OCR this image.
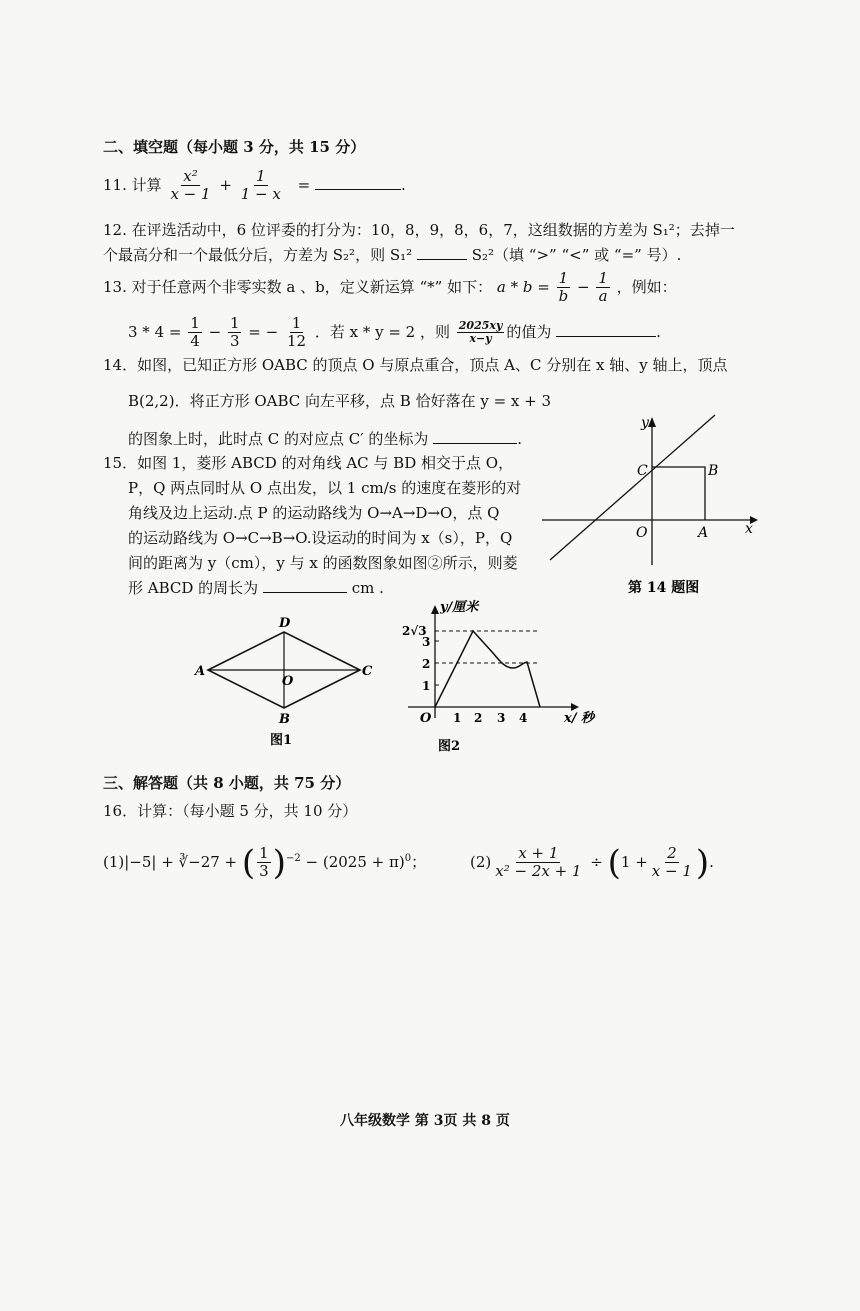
二、填空题（每小题 3 分，共 15 分）
11. 计算 $\frac{\text{x²}}{x - 1} + \frac{1}{1 - x}$ =	.
12. 在评选活动中，6 位评委的打分为：10，8，9，8，6，7，这组数据的方差为 S₁²；去掉一
个最高分和一个最低分后，方差为 S₂²，则 S₁²	S₂²（填 “>” “<” 或 “=” 号）.
13. 对于任意两个非零实数 a 、b，定义新运算 “*” 如下： $a * b = \frac{1}{b} - \frac{1}{a}$ ，例如：
$3 * 4 = \frac{1}{4} - \frac{1}{3}$ = − $\frac{1}{12}$ ．若 x * y = 2 ，则 $\frac{2025xy}{x-y}$ 的值为	.
14．如图，已知正方形 OABC 的顶点 O 与原点重合，顶点 A、C 分别在 x 轴、y 轴上，顶点
B(2,2)．将正方形 OABC 向左平移，点 B 恰好落在 y = x + 3
的图象上时，此时点 C 的对应点 C′ 的坐标为	.
15．如图 1，菱形 ABCD 的对角线 AC 与 BD 相交于点 O，
P，Q 两点同时从 O 点出发，以 1 cm/s 的速度在菱形的对
角线及边上运动.点 P 的运动路线为 O→A→D→O，点 Q
的运动路线为 O→C→B→O.设运动的时间为 x（s），P，Q
间的距离为 y（cm），y 与 x 的函数图象如图②所示，则菱
形 ABCD 的周长为	cm .
y
x
O	A
B
C
第 14 题图
A	C
D
B
O
图1
y/厘米
x/ 秒
O
2√3
3
2
1
1 2 3 4
图2
三、解答题（共 8 小题，共 75 分）
16．计算：（每小题 5 分，共 10 分）
(1)|−5| + ∛−27 + ( $\frac{1}{3} )^{-2} - (2025 + \pi)^0$；	$(2) \frac{x + 1}{\text{x² − 2x + 1}} \div (1 + \frac{2}{x - 1}$ ).
八年级数学 第 3页 共 8 页
